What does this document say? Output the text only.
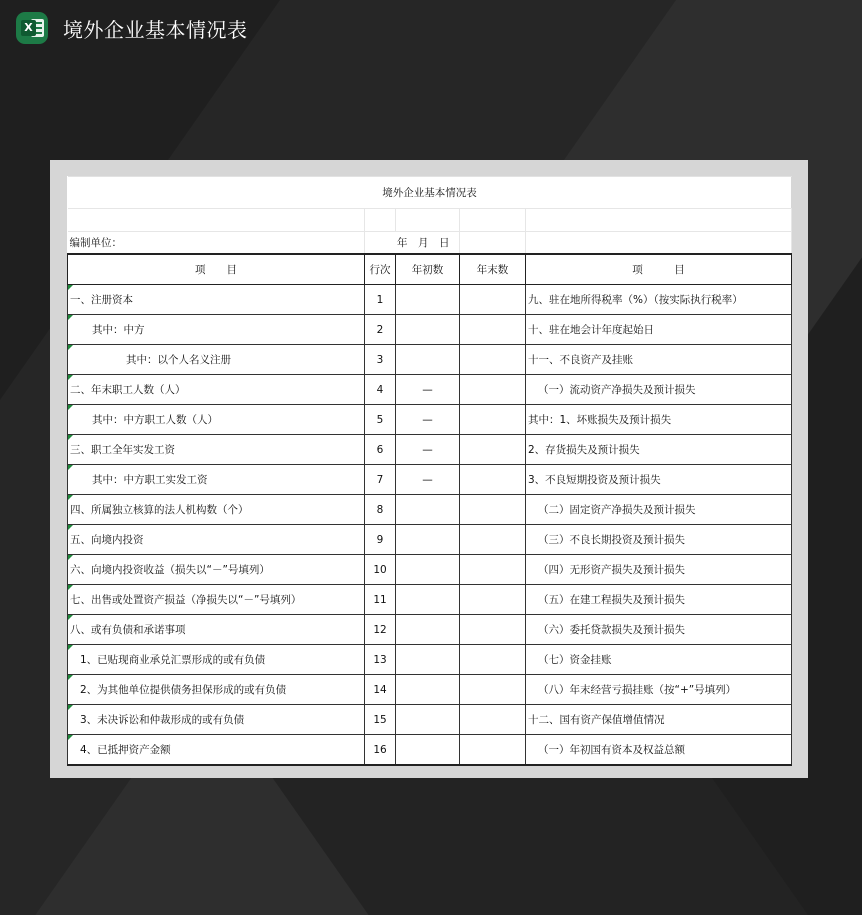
X 境外企业基本情况表
境外企业基本情况表				

编制单位：	年　月　日			
项　　目	行次	年初数	年末数	项　　　目
一、注册资本	1			九、驻在地所得税率（%）（按实际执行税率）
其中：中方	2			十、驻在地会计年度起始日
其中：以个人名义注册	3			十一、不良资产及挂账
二、年末职工人数（人）	4	—		（一）流动资产净损失及预计损失
其中：中方职工人数（人）	5	—		其中：1、坏账损失及预计损失
三、职工全年实发工资	6	—		2、存货损失及预计损失
其中：中方职工实发工资	7	—		3、不良短期投资及预计损失
四、所属独立核算的法人机构数（个）	8			（二）固定资产净损失及预计损失
五、向境内投资	9			（三）不良长期投资及预计损失
六、向境内投资收益（损失以“－”号填列）	10			（四）无形资产损失及预计损失
七、出售或处置资产损益（净损失以“－”号填列）	11			（五）在建工程损失及预计损失
八、或有负债和承诺事项	12			（六）委托贷款损失及预计损失
1、已贴现商业承兑汇票形成的或有负债	13			（七）资金挂账
2、为其他单位提供债务担保形成的或有负债	14			（八）年末经营亏损挂账（按“+”号填列）
3、未决诉讼和仲裁形成的或有负债	15			十二、国有资产保值增值情况
4、已抵押资产金额	16			（一）年初国有资本及权益总额
